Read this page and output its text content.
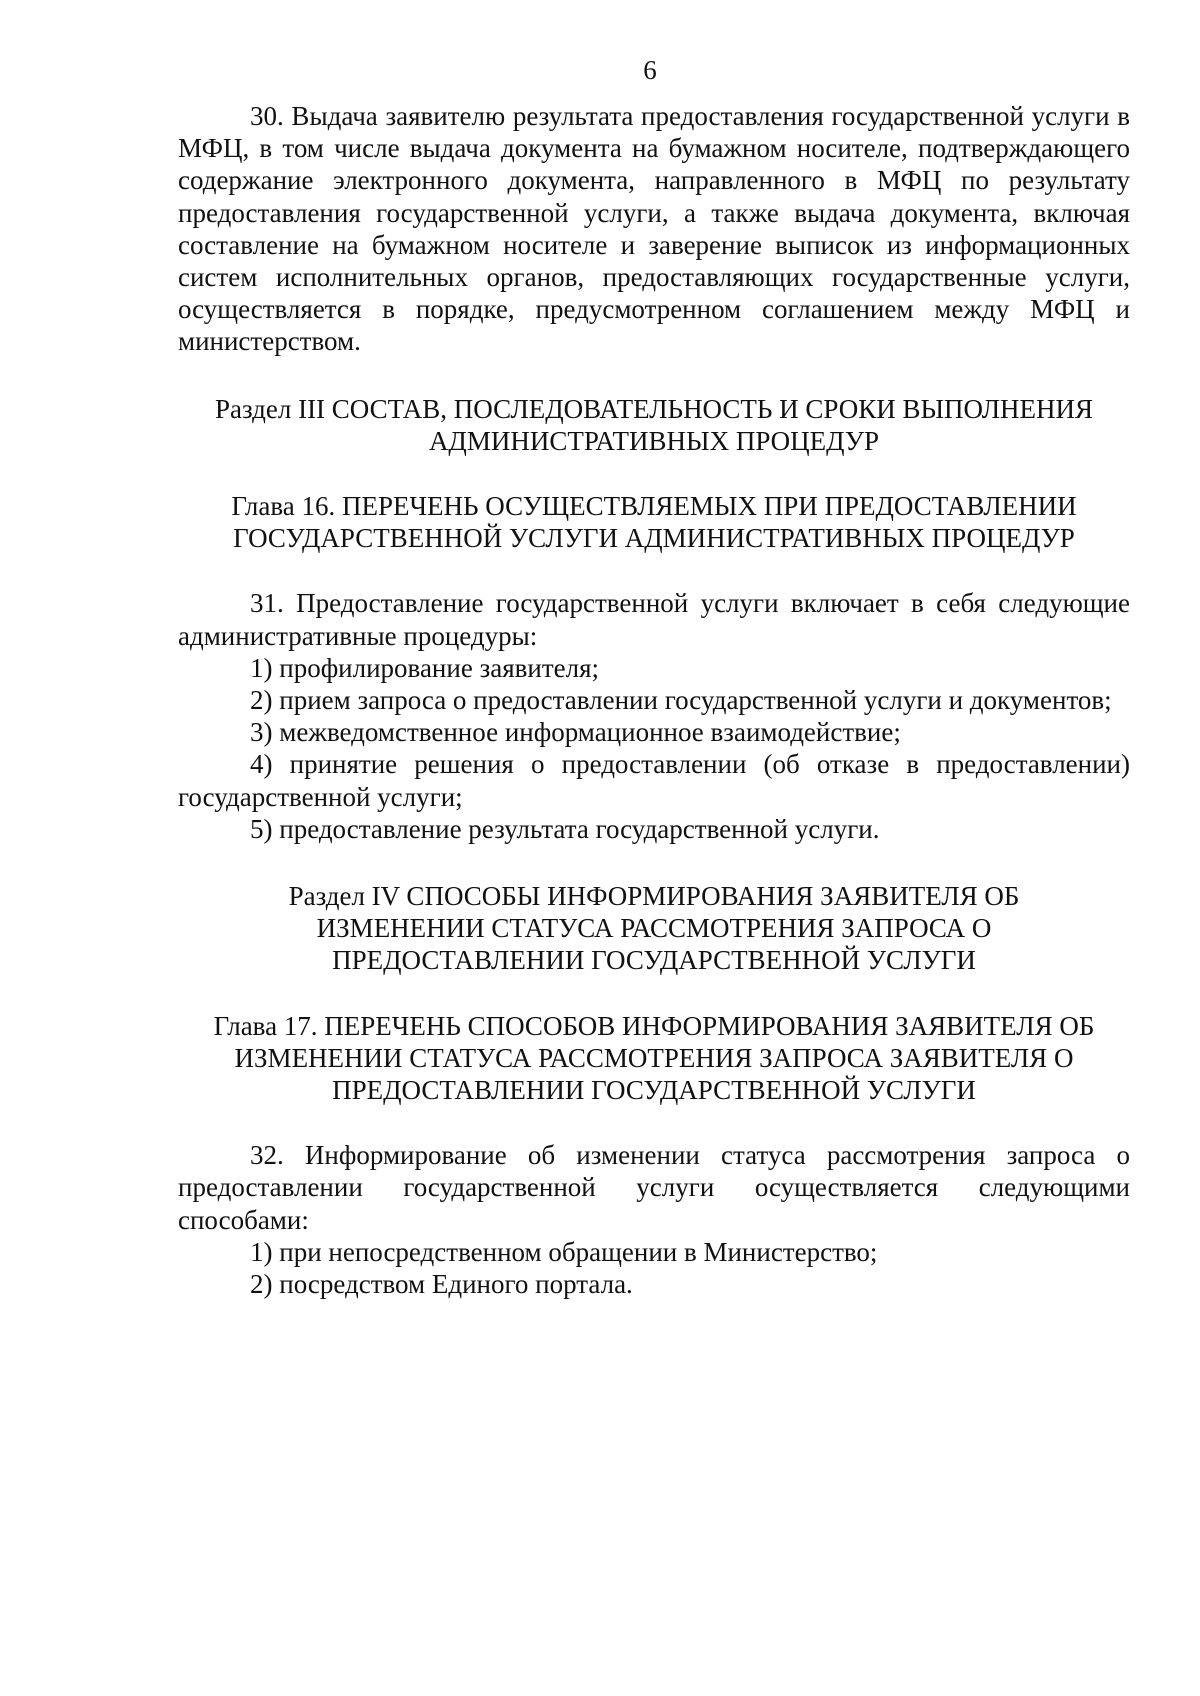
6

30. Выдача заявителю результата предоставления государственной услуги в МФЦ, в том числе выдача документа на бумажном носителе, подтверждающего содержание электронного документа, направленного в МФЦ по результату предоставления государственной услуги, а также выдача документа, включая составление на бумажном носителе и заверение выписок из информационных систем исполнительных органов, предоставляющих государственные услуги, осуществляется в порядке, предусмотренном соглашением между МФЦ и министерством.

Раздел III СОСТАВ, ПОСЛЕДОВАТЕЛЬНОСТЬ И СРОКИ ВЫПОЛНЕНИЯ
АДМИНИСТРАТИВНЫХ ПРОЦЕДУР
Глава 16. ПЕРЕЧЕНЬ ОСУЩЕСТВЛЯЕМЫХ ПРИ ПРЕДОСТАВЛЕНИИ
ГОСУДАРСТВЕННОЙ УСЛУГИ АДМИНИСТРАТИВНЫХ ПРОЦЕДУР

31. Предоставление государственной услуги включает в себя следующие административные процедуры:

1) профилирование заявителя;

2) прием запроса о предоставлении государственной услуги и документов;

3) межведомственное информационное взаимодействие;

4) принятие решения о предоставлении (об отказе в предоставлении) государственной услуги;

5) предоставление результата государственной услуги.

Раздел IV СПОСОБЫ ИНФОРМИРОВАНИЯ ЗАЯВИТЕЛЯ ОБ
ИЗМЕНЕНИИ СТАТУСА РАССМОТРЕНИЯ ЗАПРОСА О
ПРЕДОСТАВЛЕНИИ ГОСУДАРСТВЕННОЙ УСЛУГИ
Глава 17. ПЕРЕЧЕНЬ СПОСОБОВ ИНФОРМИРОВАНИЯ ЗАЯВИТЕЛЯ ОБ
ИЗМЕНЕНИИ СТАТУСА РАССМОТРЕНИЯ ЗАПРОСА ЗАЯВИТЕЛЯ О
ПРЕДОСТАВЛЕНИИ ГОСУДАРСТВЕННОЙ УСЛУГИ

32. Информирование об изменении статуса рассмотрения запроса о предоставлении государственной услуги осуществляется следующими способами:

1) при непосредственном обращении в Министерство;

2) посредством Единого портала.
